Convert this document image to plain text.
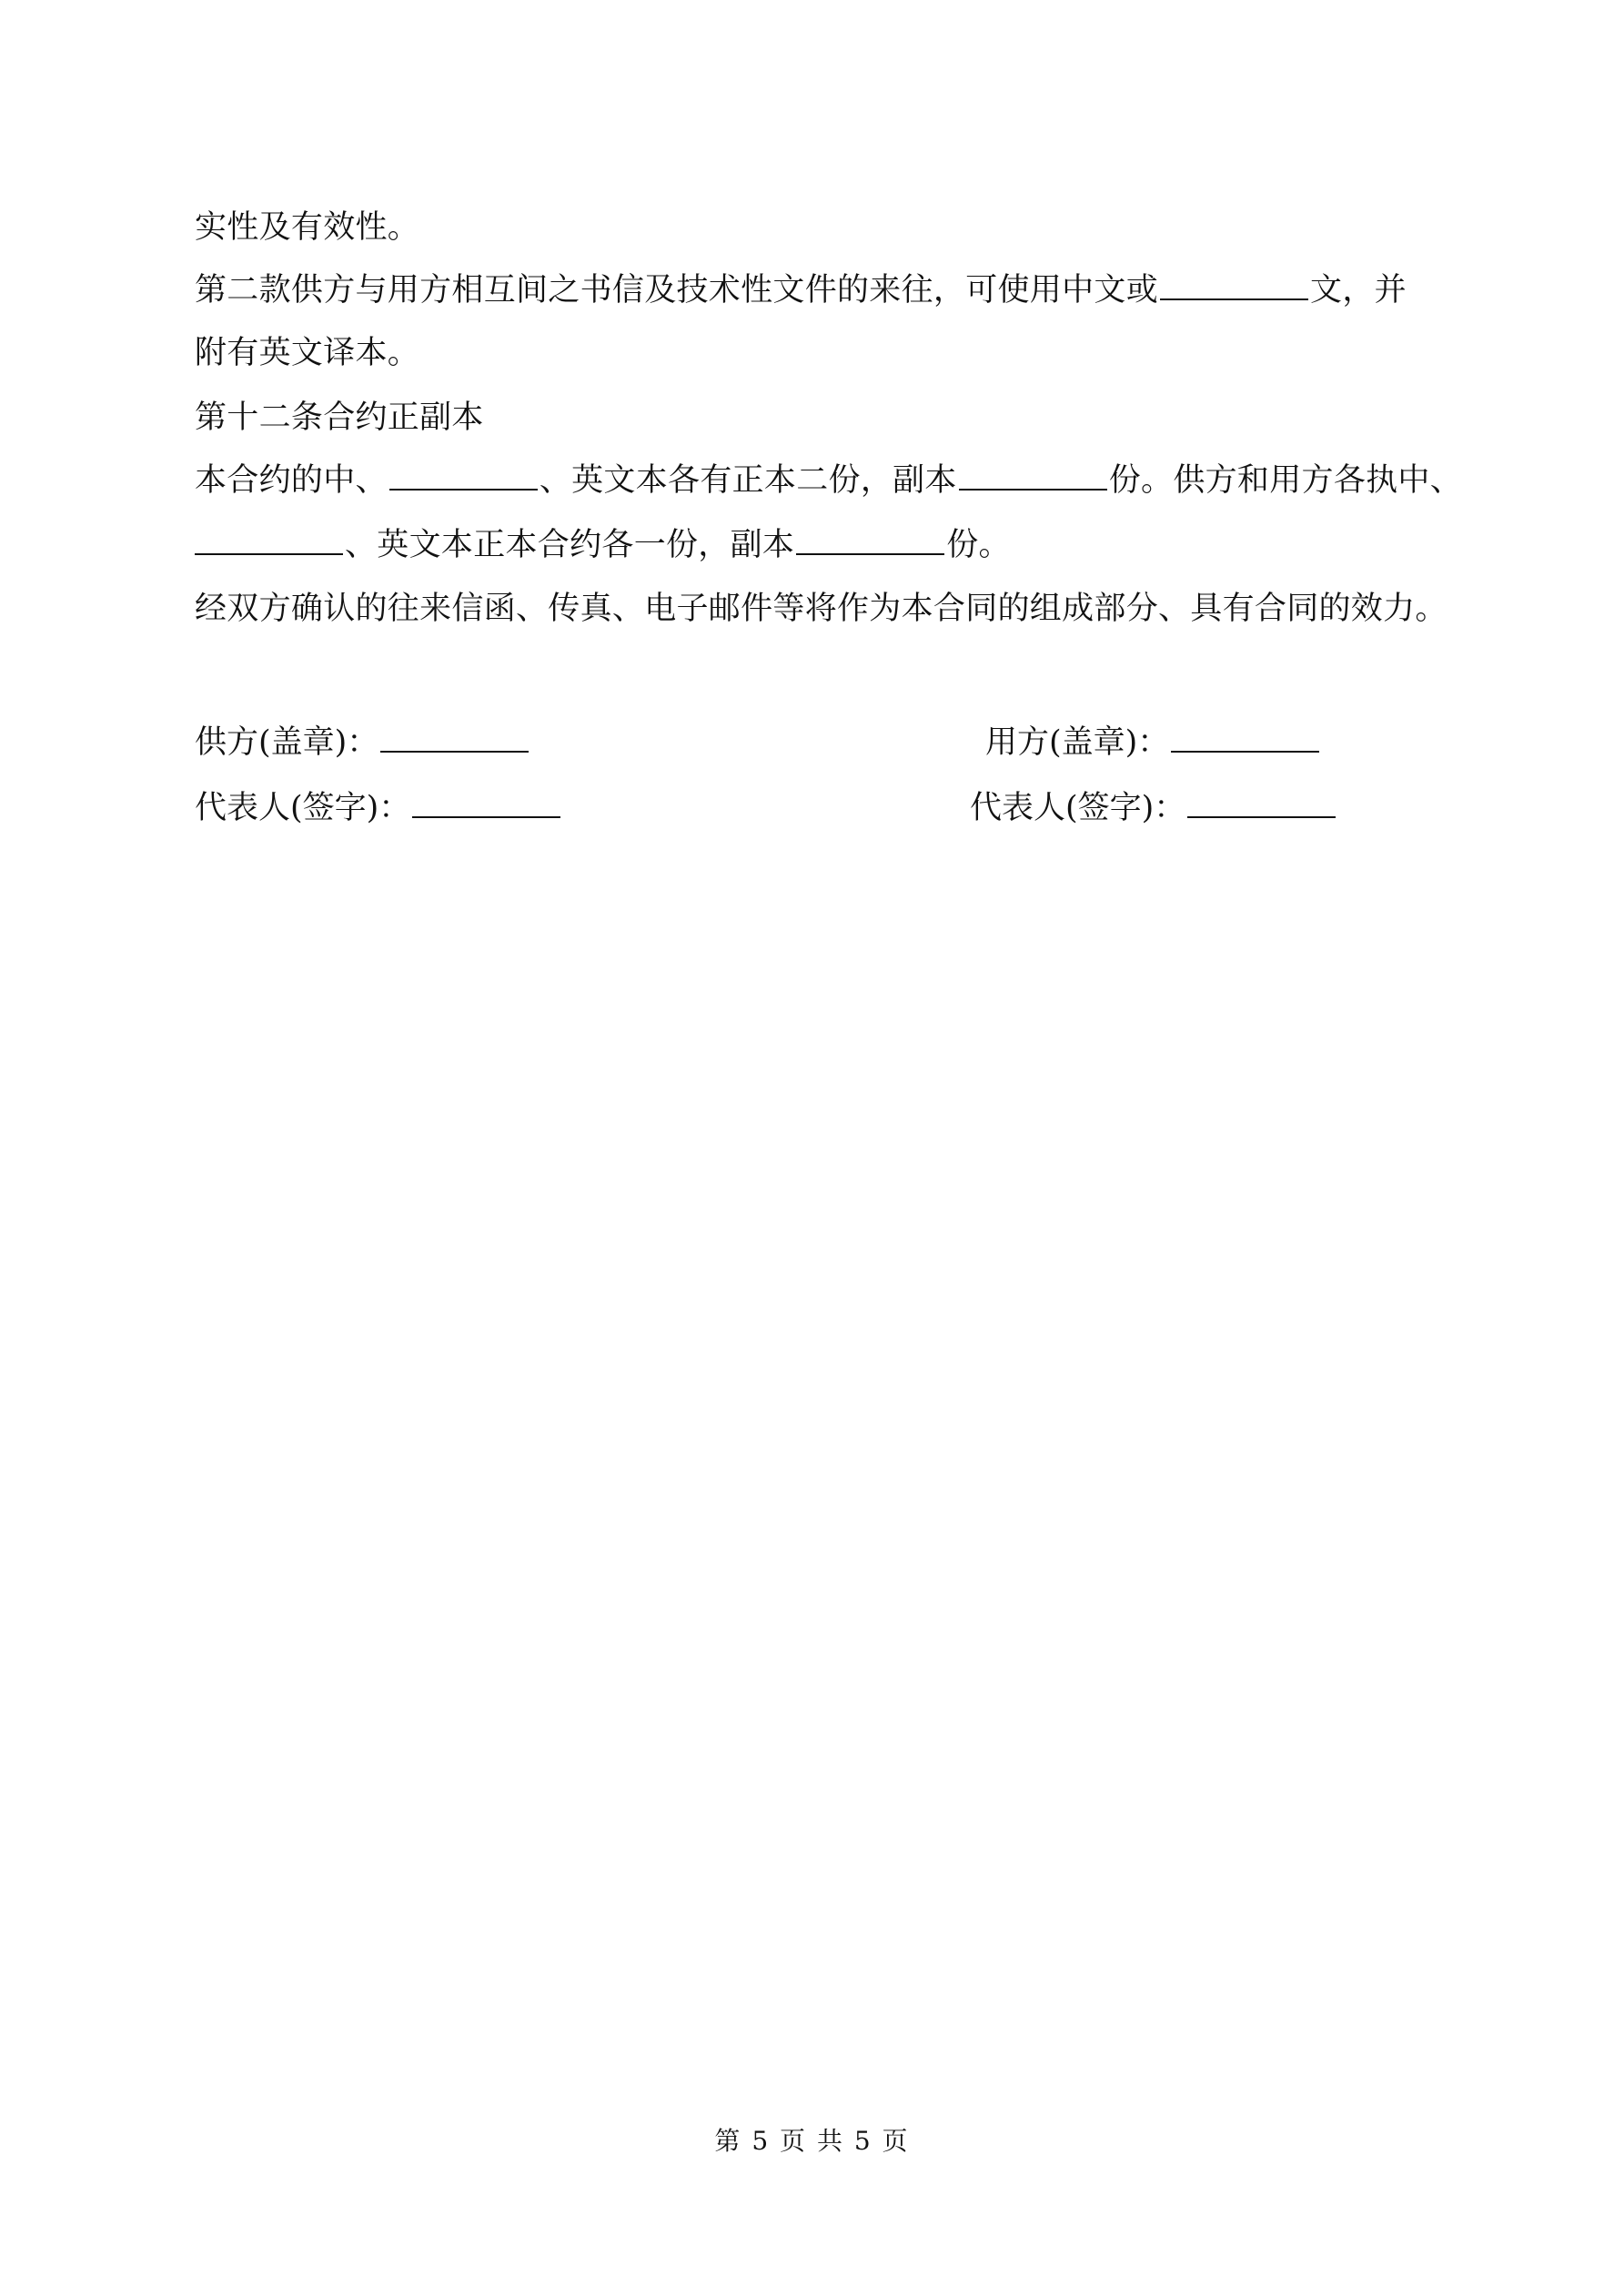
实性及有效性。
第二款供方与用方相互间之书信及技术性文件的来往，可使用中文或	文，并
附有英文译本。
第十二条合约正副本
本合约的中、	、英文本各有正本二份，副本	份。供方和用方各执中、
、英文本正本合约各一份，副本	份。
经双方确认的往来信函、传真、电子邮件等将作为本合同的组成部分、具有合同的效力。
供方(盖章)：	用方(盖章)：
代表人(签字)：	代表人(签字)：
第 5 页 共 5 页
